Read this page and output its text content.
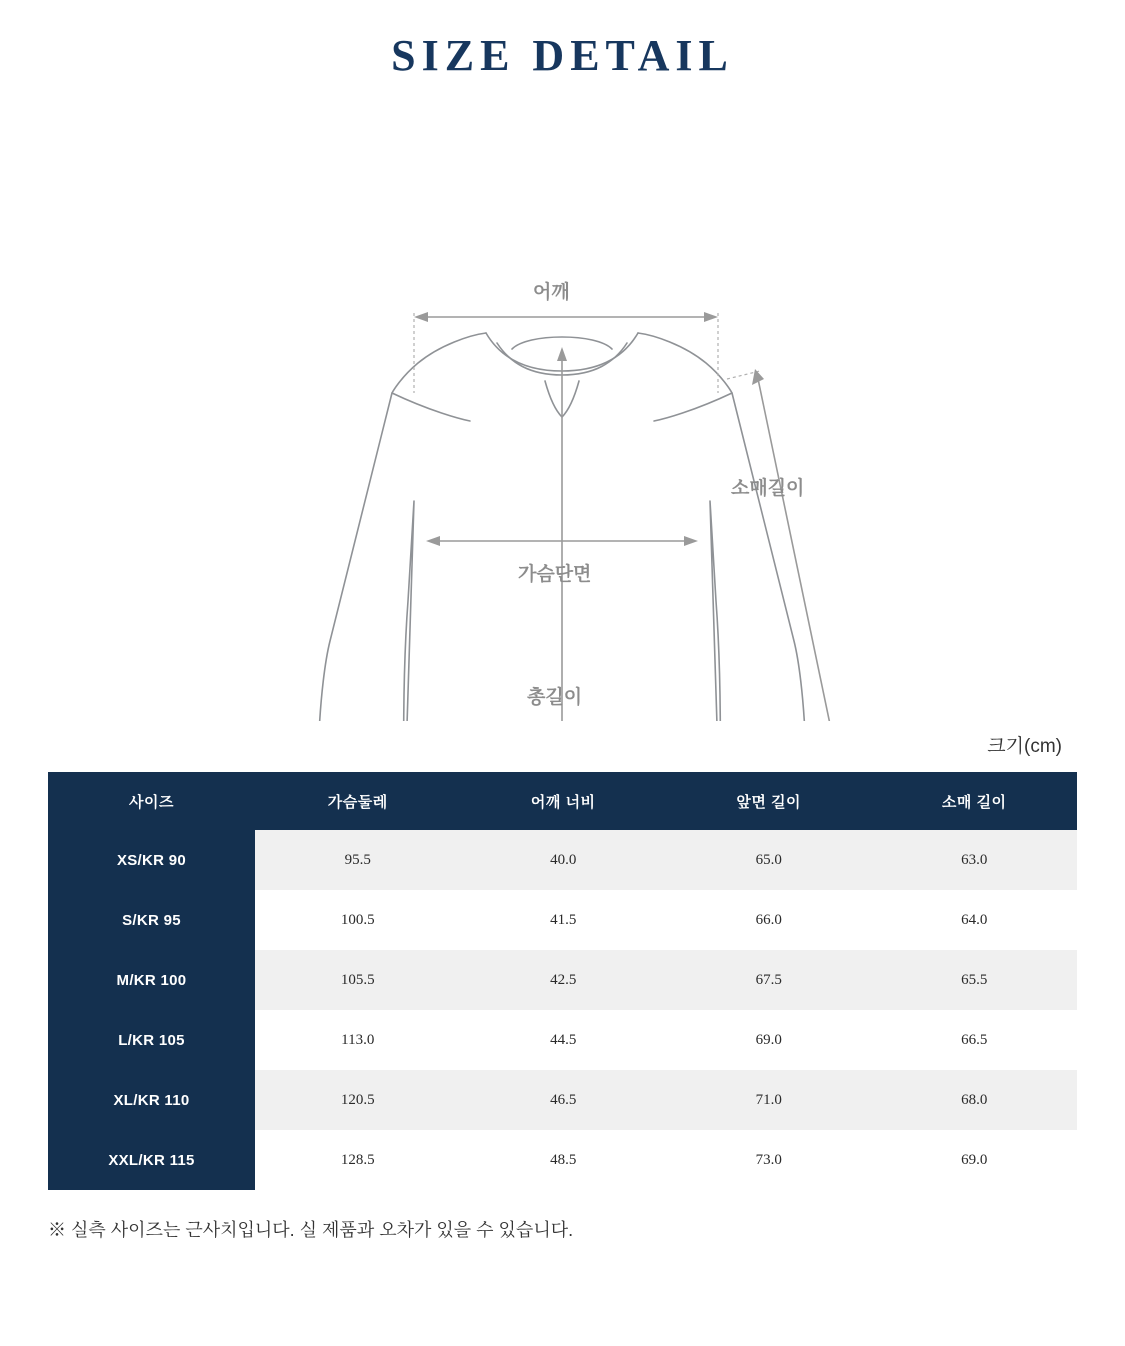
SIZE DETAIL
어깨
소매길이
가슴단면
총길이
크기(cm)
사이즈	가슴둘레	어깨 너비	앞면 길이	소매 길이
XS/KR 90	95.5	40.0	65.0	63.0
S/KR 95	100.5	41.5	66.0	64.0
M/KR 100	105.5	42.5	67.5	65.5
L/KR 105	113.0	44.5	69.0	66.5
XL/KR 110	120.5	46.5	71.0	68.0
XXL/KR 115	128.5	48.5	73.0	69.0
※ 실측 사이즈는 근사치입니다. 실 제품과 오차가 있을 수 있습니다.
